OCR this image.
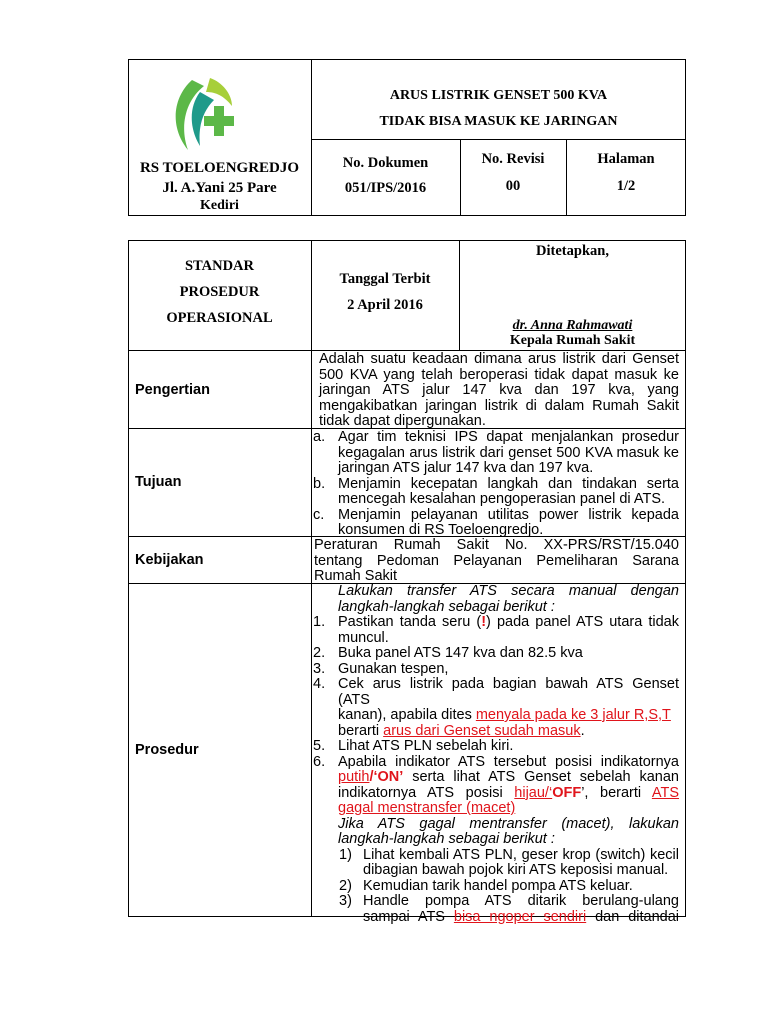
RS TOELOENGREDJO
Jl. A.Yani 25 Pare
Kediri
ARUS LISTRIK GENSET 500 KVA
TIDAK BISA MASUK KE JARINGAN
No. Dokumen
051/IPS/2016
No. Revisi
00
Halaman
1/2
STANDAR
PROSEDUR
OPERASIONAL
Tanggal Terbit
2 April 2016
Ditetapkan,
dr. Anna Rahmawati
Kepala Rumah Sakit
Pengertian
Tujuan
Kebijakan
Prosedur
Adalah suatu keadaan dimana arus listrik dari Genset
500 KVA yang telah beroperasi tidak dapat masuk ke
jaringan ATS jalur 147 kva dan 197 kva, yang
mengakibatkan jaringan listrik di dalam Rumah Sakit
tidak dapat dipergunakan.
a. Agar tim teknisi IPS dapat menjalankan prosedur
kegagalan arus listrik dari genset 500 KVA masuk ke
jaringan ATS jalur 147 kva dan 197 kva.
b. Menjamin kecepatan langkah dan tindakan serta
mencegah kesalahan pengoperasian panel di ATS.
c. Menjamin pelayanan utilitas power listrik kepada
konsumen di RS Toeloengredjo.
Peraturan Rumah Sakit No. XX-PRS/RST/15.040
tentang Pedoman Pelayanan Pemeliharan Sarana
Rumah Sakit
Lakukan transfer ATS secara manual dengan
langkah-langkah sebagai berikut :
1. Pastikan tanda seru (!) pada panel ATS utara tidak
muncul.
2. Buka panel ATS 147 kva dan 82.5 kva
3. Gunakan tespen,
4. Cek arus listrik pada bagian bawah ATS Genset (ATS
kanan), apabila dites menyala pada ke 3 jalur R,S,T
berarti arus dari Genset sudah masuk.
5. Lihat ATS PLN sebelah kiri.
6. Apabila indikator ATS tersebut posisi indikatornya
putih/‘ON’ serta lihat ATS Genset sebelah kanan
indikatornya ATS posisi hijau/‘OFF’, berarti ATS
gagal menstransfer (macet)
Jika ATS gagal mentransfer (macet), lakukan
langkah-langkah sebagai berikut :
1) Lihat kembali ATS PLN, geser krop (switch) kecil
dibagian bawah pojok kiri ATS keposisi manual.
2) Kemudian tarik handel pompa ATS keluar.
3) Handle pompa ATS ditarik berulang-ulang
sampai ATS bisa ngoper sendiri dan ditandai
